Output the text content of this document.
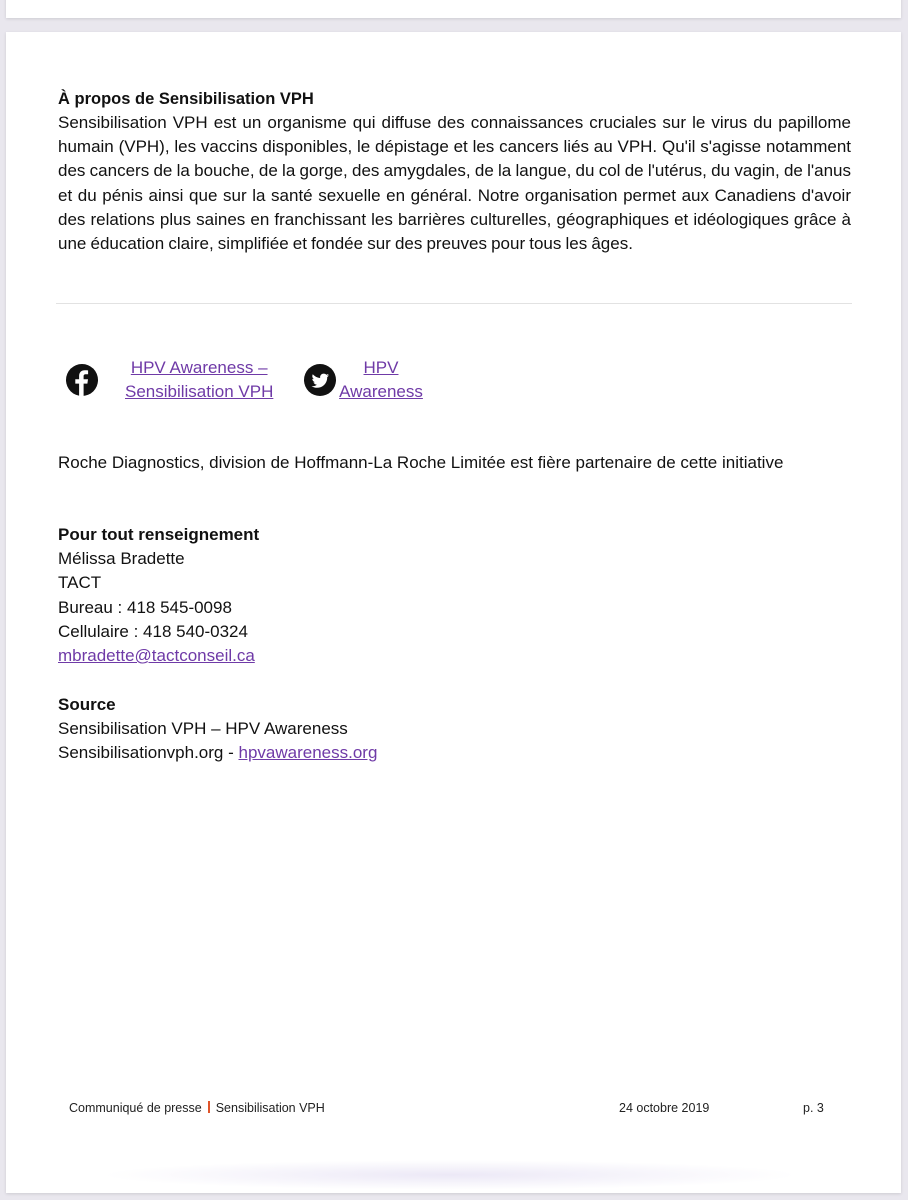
À propos de Sensibilisation VPH
Sensibilisation VPH est un organisme qui diffuse des connaissances cruciales sur le virus du papillome humain (VPH), les vaccins disponibles, le dépistage et les cancers liés au VPH. Qu'il s'agisse notamment des cancers de la bouche, de la gorge, des amygdales, de la langue, du col de l'utérus, du vagin, de l'anus et du pénis ainsi que sur la santé sexuelle en général. Notre organisation permet aux Canadiens d'avoir des relations plus saines en franchissant les barrières culturelles, géographiques et idéologiques grâce à une éducation claire, simplifiée et fondée sur des preuves pour tous les âges.
HPV Awareness –
Sensibilisation VPH
HPV
Awareness
Roche Diagnostics, division de Hoffmann-La Roche Limitée est fière partenaire de cette initiative
Pour tout renseignement
Mélissa Bradette
TACT
Bureau : 418 545-0098
Cellulaire : 418 540-0324
mbradette@tactconseil.ca
Source
Sensibilisation VPH – HPV Awareness
Sensibilisationvph.org - hpvawareness.org
Communiqué de presse Sensibilisation VPH	24 octobre 2019	p. 3
